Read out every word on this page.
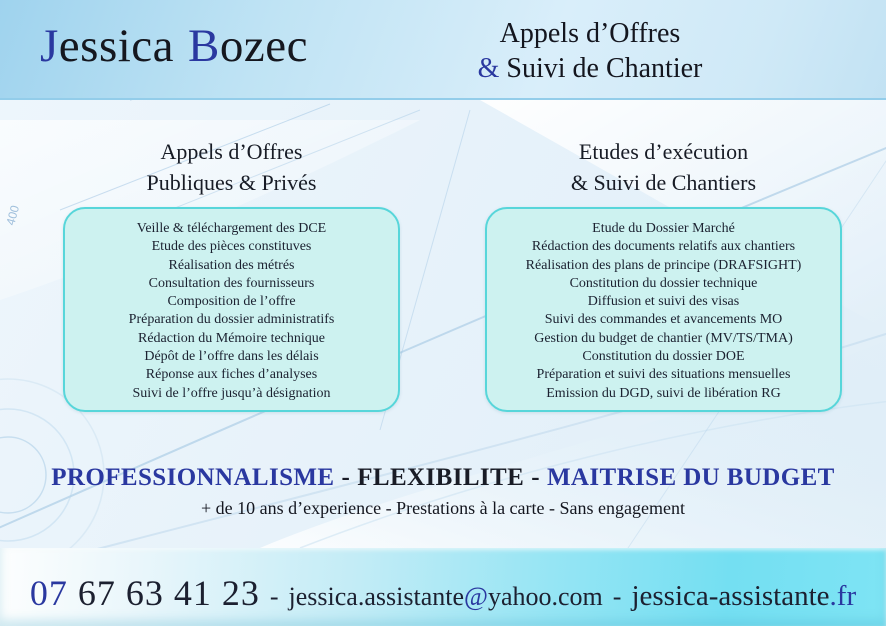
400
Jessica Bozec	Appels d’Offres
& Suivi de Chantier
Appels d’Offres
Publiques & Privés
Veille & téléchargement des DCE
Etude des pièces constituves
Réalisation des métrés
Consultation des fournisseurs
Composition de l’offre
Préparation du dossier administratifs
Rédaction du Mémoire technique
Dépôt de l’offre dans les délais
Réponse aux fiches d’analyses
Suivi de l’offre jusqu’à désignation
Etudes d’exécution
& Suivi de Chantiers
Etude du Dossier Marché
Rédaction des documents relatifs aux chantiers
Réalisation des plans de principe (DRAFSIGHT)
Constitution du dossier technique
Diffusion et suivi des visas
Suivi des commandes et avancements MO
Gestion du budget de chantier (MV/TS/TMA)
Constitution du dossier DOE
Préparation et suivi des situations mensuelles
Emission du DGD, suivi de libération RG
PROFESSIONNALISME - FLEXIBILITE - MAITRISE DU BUDGET
+ de 10 ans d’experience - Prestations à la carte - Sans engagement
07 67 63 41 23 - jessica.assistante@yahoo.com - jessica-assistante.fr
